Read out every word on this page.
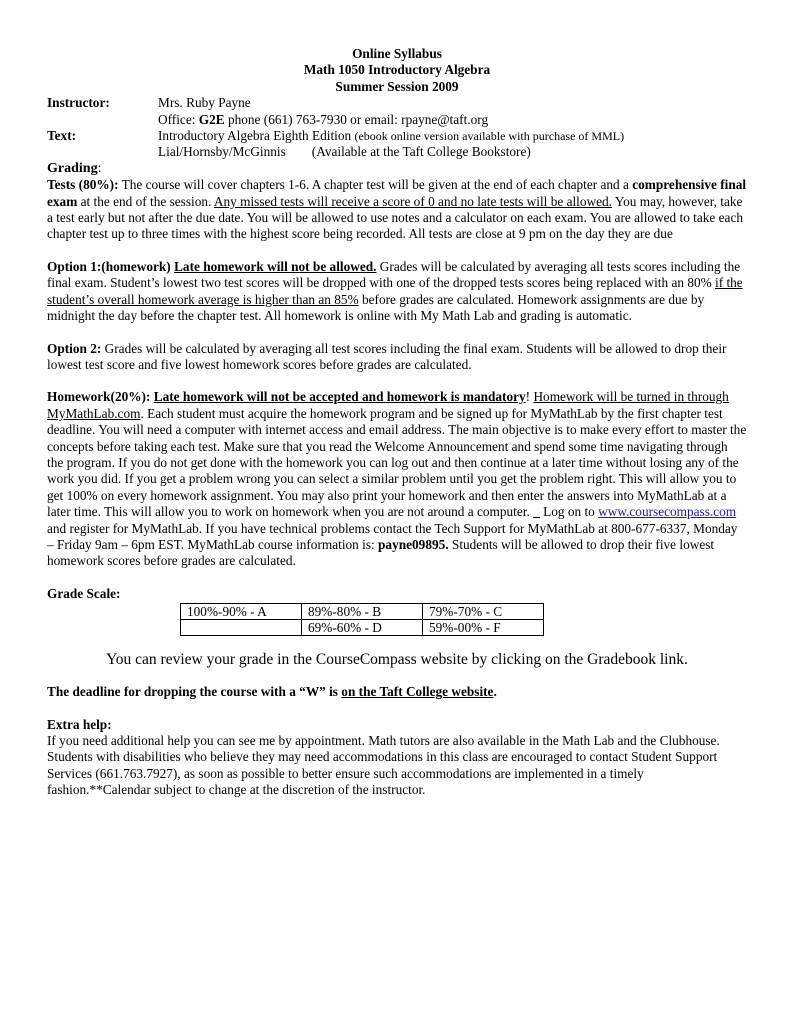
Online Syllabus
Math 1050 Introductory Algebra
Summer Session 2009
Instructor:	Mrs. Ruby Payne
Office: G2E phone (661) 763-7930 or email: rpayne@taft.org
Text:	Introductory Algebra Eighth Edition (ebook online version available with purchase of MML)
Lial/Hornsby/McGinnis (Available at the Taft College Bookstore)
Grading:

Tests (80%): The course will cover chapters 1-6. A chapter test will be given at the end of each chapter and a comprehensive final exam at the end of the session. Any missed tests will receive a score of 0 and no late tests will be allowed. You may, however, take a test early but not after the due date. You will be allowed to use notes and a calculator on each exam. You are allowed to take each chapter test up to three times with the highest score being recorded. All tests are close at 9 pm on the day they are due

Option 1:(homework) Late homework will not be allowed. Grades will be calculated by averaging all tests scores including the final exam. Student’s lowest two test scores will be dropped with one of the dropped tests scores being replaced with an 80% if the student’s overall homework average is higher than an 85% before grades are calculated. Homework assignments are due by midnight the day before the chapter test. All homework is online with My Math Lab and grading is automatic.

Option 2: Grades will be calculated by averaging all test scores including the final exam. Students will be allowed to drop their lowest test score and five lowest homework scores before grades are calculated.

Homework(20%): Late homework will not be accepted and homework is mandatory! Homework will be turned in through MyMathLab.com. Each student must acquire the homework program and be signed up for MyMathLab by the first chapter test deadline. You will need a computer with internet access and email address. The main objective is to make every effort to master the concepts before taking each test. Make sure that you read the Welcome Announcement and spend some time navigating through the program. If you do not get done with the homework you can log out and then continue at a later time without losing any of the work you did. If you get a problem wrong you can select a similar problem until you get the problem right. This will allow you to get 100% on every homework assignment. You may also print your homework and then enter the answers into MyMathLab at a later time. This will allow you to work on homework when you are not around a computer. _ Log on to www.coursecompass.com and register for MyMathLab. If you have technical problems contact the Tech Support for MyMathLab at 800-677-6337, Monday – Friday 9am – 6pm EST. MyMathLab course information is: payne09895. Students will be allowed to drop their five lowest homework scores before grades are calculated.

Grade Scale:
100%-90% - A	89%-80% - B	79%-70% - C
	69%-60% - D	59%-00% - F

You can review your grade in the CourseCompass website by clicking on the Gradebook link.

The deadline for dropping the course with a “W” is on the Taft College website.

Extra help:

If you need additional help you can see me by appointment. Math tutors are also available in the Math Lab and the Clubhouse. Students with disabilities who believe they may need accommodations in this class are encouraged to contact Student Support Services (661.763.7927), as soon as possible to better ensure such accommodations are implemented in a timely fashion.**Calendar subject to change at the discretion of the instructor.
